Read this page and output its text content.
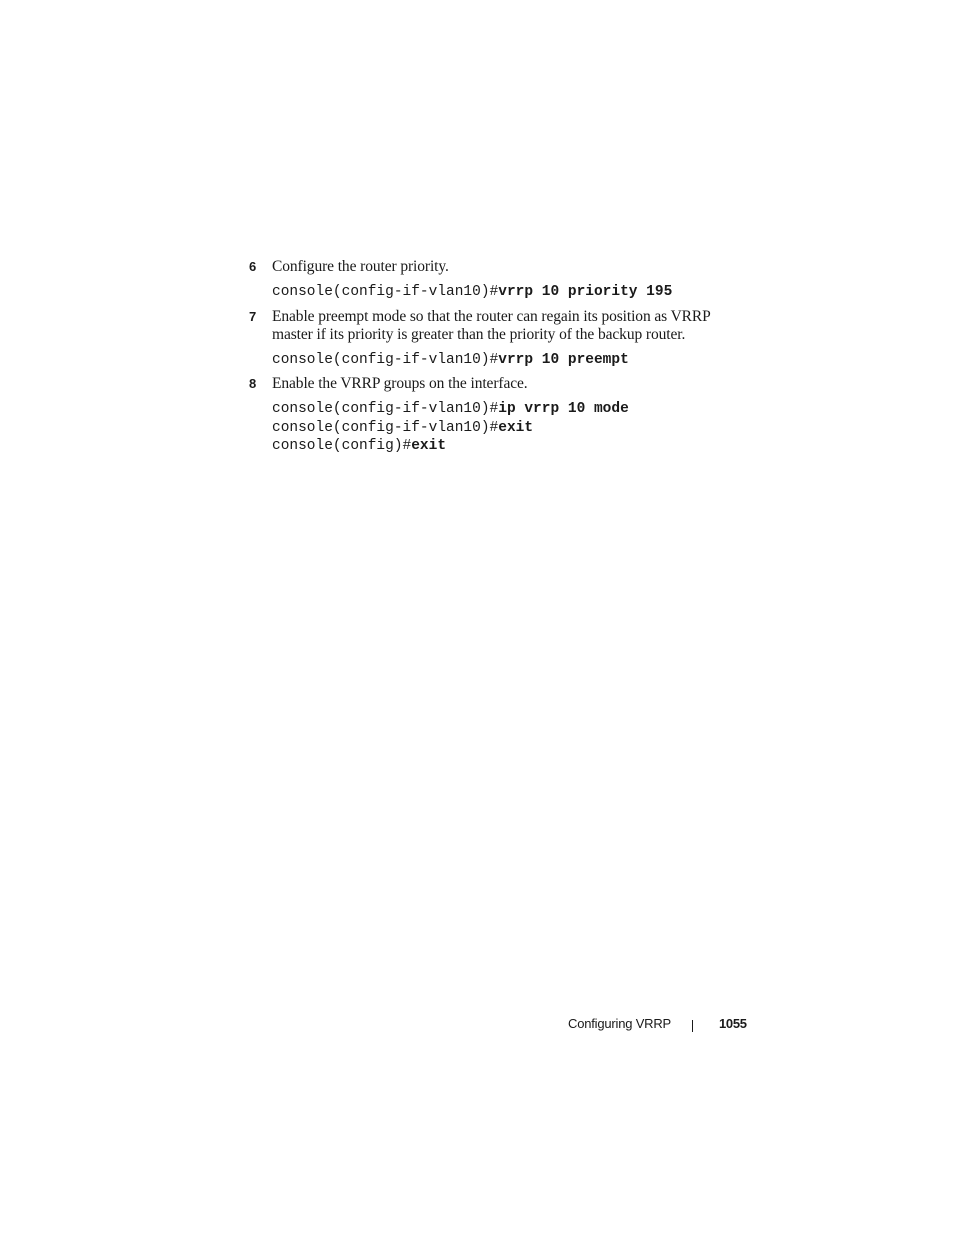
6 Configure the router priority.
console(config-if-vlan10)#vrrp 10 priority 195
7 Enable preempt mode so that the router can regain its position as VRRP master if its priority is greater than the priority of the backup router.
console(config-if-vlan10)#vrrp 10 preempt
8 Enable the VRRP groups on the interface.
console(config-if-vlan10)#ip vrrp 10 mode
console(config-if-vlan10)#exit
console(config)#exit
Configuring VRRP	1055
